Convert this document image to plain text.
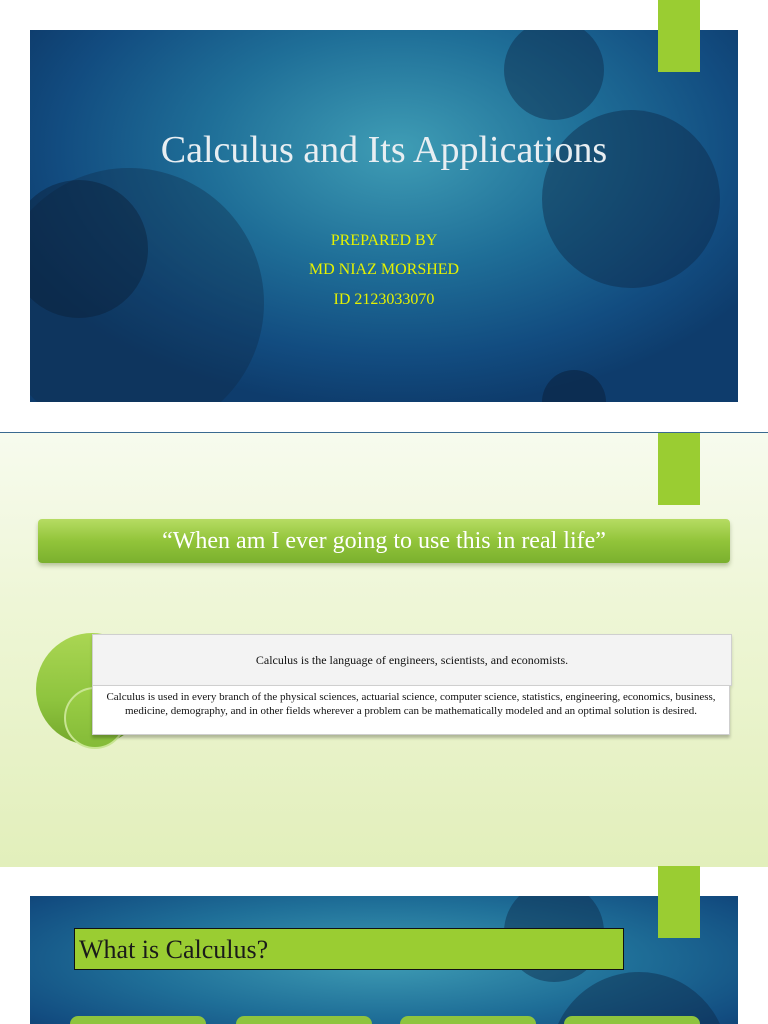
Calculus and Its Applications
PREPARED BY
MD NIAZ MORSHED
ID 2123033070
“When am I ever going to use this in real life”
Calculus is the language of engineers, scientists, and economists.
Calculus is used in every branch of the physical sciences, actuarial science, computer science, statistics, engineering, economics, business, medicine, demography, and in other fields wherever a problem can be mathematically modeled and an optimal solution is desired.
What is Calculus?
